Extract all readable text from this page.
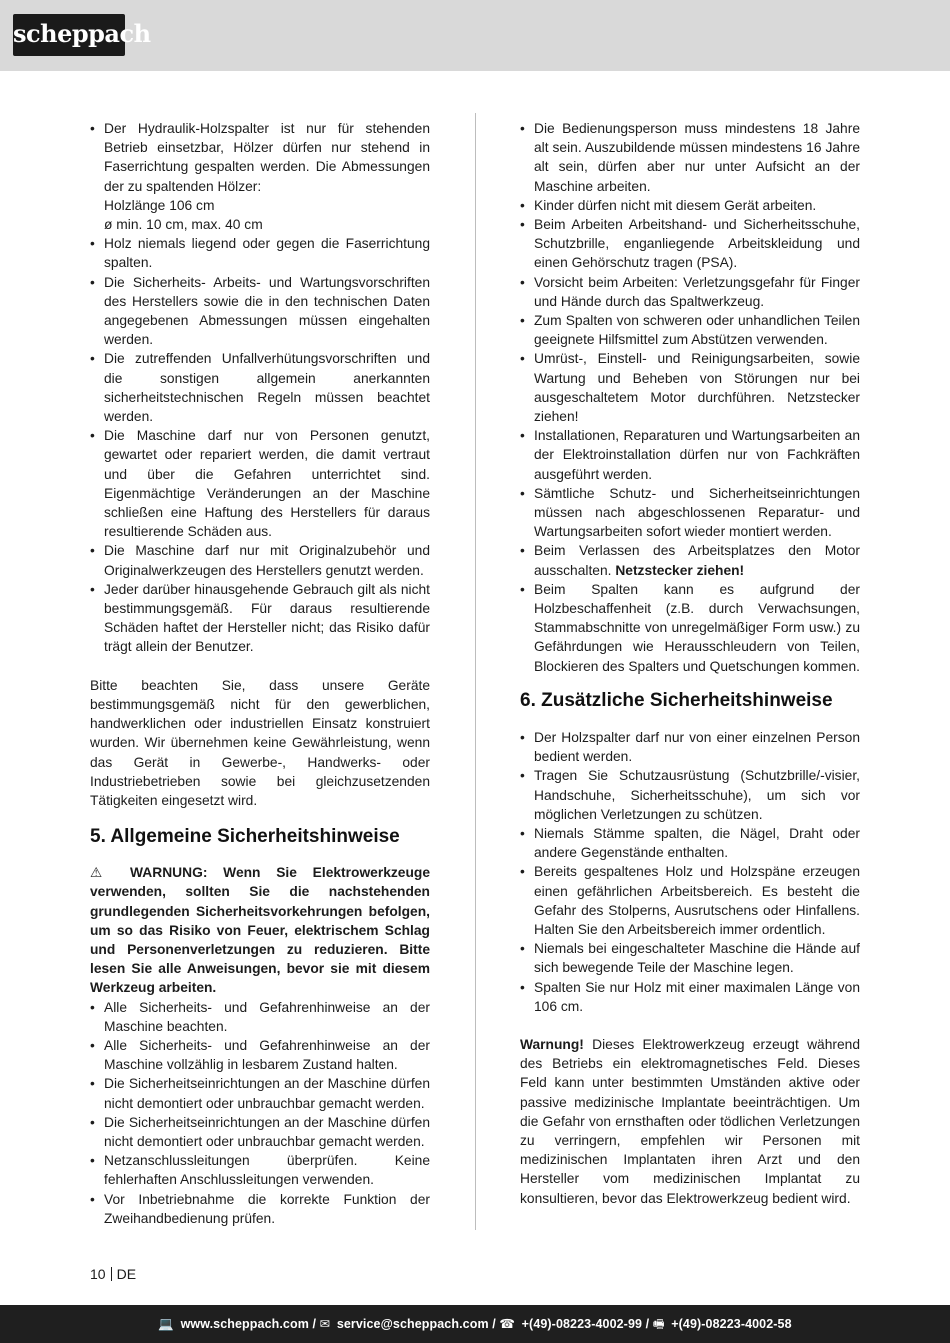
scheppach
• Der Hydraulik-Holzspalter ist nur für stehenden Betrieb einsetzbar, Hölzer dürfen nur stehend in Faserrichtung gespalten werden. Die Abmessungen der zu spaltenden Hölzer:
Holzlänge 106 cm
ø min. 10 cm, max. 40 cm
• Holz niemals liegend oder gegen die Faserrichtung spalten.
• Die Sicherheits- Arbeits- und Wartungsvorschriften des Herstellers sowie die in den technischen Daten angegebenen Abmessungen müssen eingehalten werden.
• Die zutreffenden Unfallverhütungsvorschriften und die sonstigen allgemein anerkannten sicherheitstechnischen Regeln müssen beachtet werden.
• Die Maschine darf nur von Personen genutzt, gewartet oder repariert werden, die damit vertraut und über die Gefahren unterrichtet sind. Eigenmächtige Veränderungen an der Maschine schließen eine Haftung des Herstellers für daraus resultierende Schäden aus.
• Die Maschine darf nur mit Originalzubehör und Originalwerkzeugen des Herstellers genutzt werden.
• Jeder darüber hinausgehende Gebrauch gilt als nicht bestimmungsgemäß. Für daraus resultierende Schäden haftet der Hersteller nicht; das Risiko dafür trägt allein der Benutzer.

Bitte beachten Sie, dass unsere Geräte bestimmungsgemäß nicht für den gewerblichen, handwerklichen oder industriellen Einsatz konstruiert wurden. Wir übernehmen keine Gewährleistung, wenn das Gerät in Gewerbe-, Handwerks- oder Industriebetrieben sowie bei gleichzusetzenden Tätigkeiten eingesetzt wird.

5. Allgemeine Sicherheitshinweise

⚠ WARNUNG: Wenn Sie Elektrowerkzeuge verwenden, sollten Sie die nachstehenden grundlegenden Sicherheitsvorkehrungen befolgen, um so das Risiko von Feuer, elektrischem Schlag und Personenverletzungen zu reduzieren. Bitte lesen Sie alle Anweisungen, bevor sie mit diesem Werkzeug arbeiten.

• Alle Sicherheits- und Gefahrenhinweise an der Maschine beachten.
• Alle Sicherheits- und Gefahrenhinweise an der Maschine vollzählig in lesbarem Zustand halten.
• Die Sicherheitseinrichtungen an der Maschine dürfen nicht demontiert oder unbrauchbar gemacht werden.
• Die Sicherheitseinrichtungen an der Maschine dürfen nicht demontiert oder unbrauchbar gemacht werden.
• Netzanschlussleitungen überprüfen. Keine fehlerhaften Anschlussleitungen verwenden.
• Vor Inbetriebnahme die korrekte Funktion der Zweihandbedienung prüfen.
• Die Bedienungsperson muss mindestens 18 Jahre alt sein. Auszubildende müssen mindestens 16 Jahre alt sein, dürfen aber nur unter Aufsicht an der Maschine arbeiten.
• Kinder dürfen nicht mit diesem Gerät arbeiten.
• Beim Arbeiten Arbeitshand- und Sicherheitsschuhe, Schutzbrille, enganliegende Arbeitskleidung und einen Gehörschutz tragen (PSA).
• Vorsicht beim Arbeiten: Verletzungsgefahr für Finger und Hände durch das Spaltwerkzeug.
• Zum Spalten von schweren oder unhandlichen Teilen geeignete Hilfsmittel zum Abstützen verwenden.
• Umrüst-, Einstell- und Reinigungsarbeiten, sowie Wartung und Beheben von Störungen nur bei ausgeschaltetem Motor durchführen. Netzstecker ziehen!
• Installationen, Reparaturen und Wartungsarbeiten an der Elektroinstallation dürfen nur von Fachkräften ausgeführt werden.
• Sämtliche Schutz- und Sicherheitseinrichtungen müssen nach abgeschlossenen Reparatur- und Wartungsarbeiten sofort wieder montiert werden.
• Beim Verlassen des Arbeitsplatzes den Motor ausschalten. Netzstecker ziehen!
• Beim Spalten kann es aufgrund der Holzbeschaffenheit (z.B. durch Verwachsungen, Stammabschnitte von unregelmäßiger Form usw.) zu Gefährdungen wie Herausschleudern von Teilen, Blockieren des Spalters und Quetschungen kommen.
6. Zusätzliche Sicherheitshinweise
• Der Holzspalter darf nur von einer einzelnen Person bedient werden.
• Tragen Sie Schutzausrüstung (Schutzbrille/-visier, Handschuhe, Sicherheitsschuhe), um sich vor möglichen Verletzungen zu schützen.
• Niemals Stämme spalten, die Nägel, Draht oder andere Gegenstände enthalten.
• Bereits gespaltenes Holz und Holzspäne erzeugen einen gefährlichen Arbeitsbereich. Es besteht die Gefahr des Stolperns, Ausrutschens oder Hinfallens. Halten Sie den Arbeitsbereich immer ordentlich.
• Niemals bei eingeschalteter Maschine die Hände auf sich bewegende Teile der Maschine legen.
• Spalten Sie nur Holz mit einer maximalen Länge von 106 cm.

Warnung! Dieses Elektrowerkzeug erzeugt während des Betriebs ein elektromagnetisches Feld. Dieses Feld kann unter bestimmten Umständen aktive oder passive medizinische Implantate beeinträchtigen. Um die Gefahr von ernsthaften oder tödlichen Verletzungen zu verringern, empfehlen wir Personen mit medizinischen Implantaten ihren Arzt und den Hersteller vom medizinischen Implantat zu konsultieren, bevor das Elektrowerkzeug bedient wird.

10 DE
💻 www.scheppach.com / ✉ service@scheppach.com / ☎ +(49)-08223-4002-99 / 🖷 +(49)-08223-4002-58
